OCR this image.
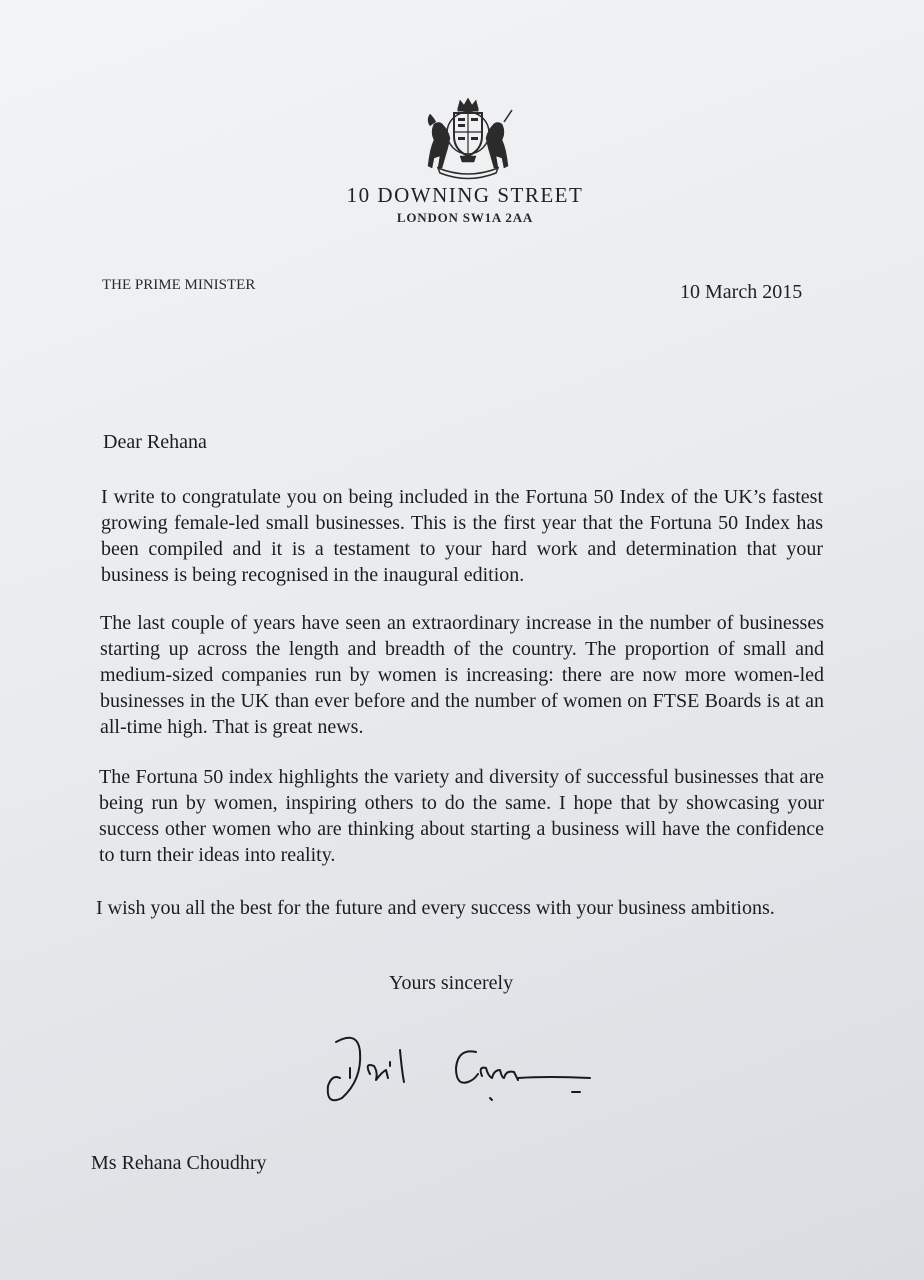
10 DOWNING STREET
LONDON SW1A 2AA
THE PRIME MINISTER	10 March 2015
Dear Rehana

I write to congratulate you on being included in the Fortuna 50 Index of the UK’s fastest growing female-led small businesses. This is the first year that the Fortuna 50 Index has been compiled and it is a testament to your hard work and determination that your business is being recognised in the inaugural edition.

The last couple of years have seen an extraordinary increase in the number of businesses starting up across the length and breadth of the country. The proportion of small and medium-sized companies run by women is increasing: there are now more women-led businesses in the UK than ever before and the number of women on FTSE Boards is at an all-time high. That is great news.

The Fortuna 50 index highlights the variety and diversity of successful businesses that are being run by women, inspiring others to do the same. I hope that by showcasing your success other women who are thinking about starting a business will have the confidence to turn their ideas into reality.

I wish you all the best for the future and every success with your business ambitions.

Yours sincerely
Ms Rehana Choudhry
